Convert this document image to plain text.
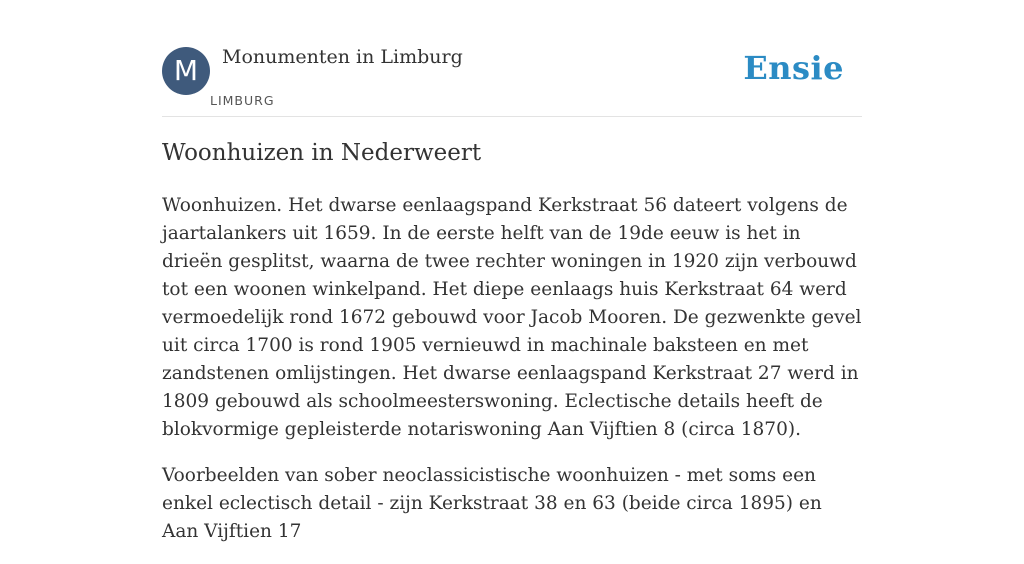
M	Monumenten in Limburg
LIMBURG
Ensie
Woonhuizen in Nederweert

Woonhuizen. Het dwarse eenlaagspand Kerkstraat 56 dateert volgens de jaartalankers uit 1659. In de eerste helft van de 19de eeuw is het in drieën gesplitst, waarna de twee rechter woningen in 1920 zijn verbouwd tot een woonen winkelpand. Het diepe eenlaags huis Kerkstraat 64 werd vermoedelijk rond 1672 gebouwd voor Jacob Mooren. De gezwenkte gevel uit circa 1700 is rond 1905 vernieuwd in machinale baksteen en met zandstenen omlijstingen. Het dwarse eenlaagspand Kerkstraat 27 werd in 1809 gebouwd als schoolmeesterswoning. Eclectische details heeft de blokvormige gepleisterde notariswoning Aan Vijftien 8 (circa 1870).

Voorbeelden van sober neoclassicistische woonhuizen - met soms een enkel eclectisch detail - zijn Kerkstraat 38 en 63 (beide circa 1895) en Aan Vijftien 17
